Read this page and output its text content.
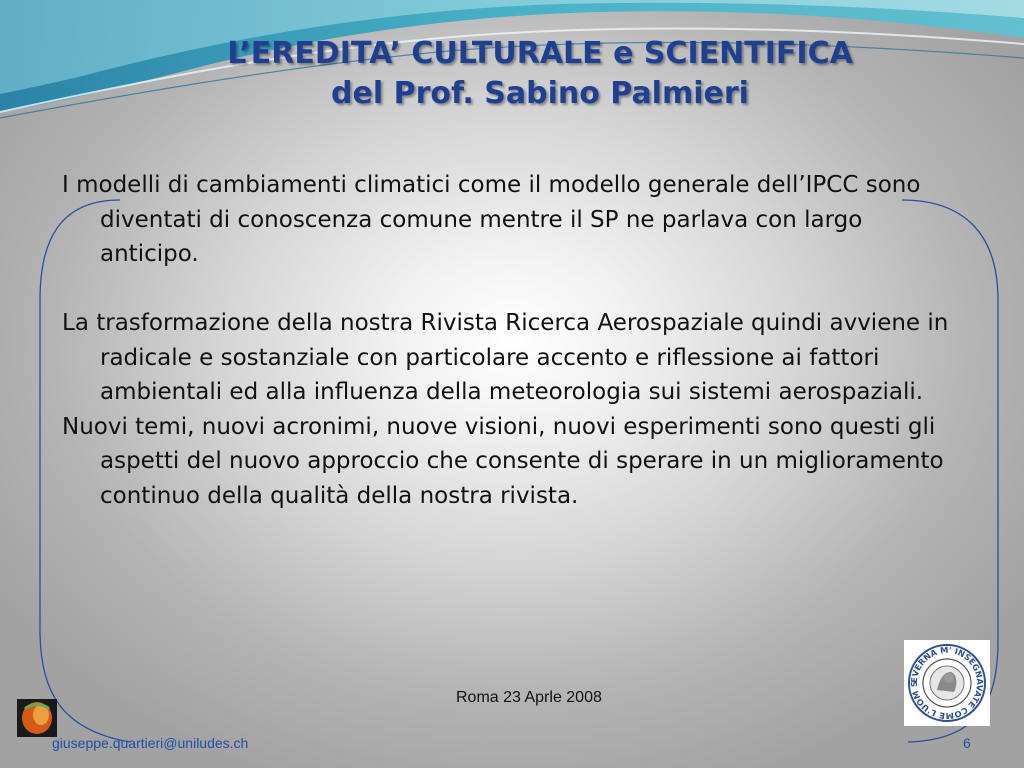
L’EREDITA’ CULTURALE e SCIENTIFICA
del Prof. Sabino Palmieri

I modelli di cambiamenti climatici come il modello generale dell’IPCC sono diventati di conoscenza comune mentre il SP ne parlava con largo anticipo.

La trasformazione della nostra Rivista Ricerca Aerospaziale quindi avviene in radicale e sostanziale con particolare accento e riflessione ai fattori ambientali ed alla influenza della meteorologia sui sistemi aerospaziali.

Nuovi temi, nuovi acronimi, nuove visioni, nuovi esperimenti sono questi gli aspetti del nuovo approccio che consente di sperare in un miglioramento continuo della qualità della nostra rivista.

EVERNA M' INSEGNAVATE COME L'UOM S
Roma 23 Aprle 2008
giuseppe.quartieri@uniludes.ch	6
